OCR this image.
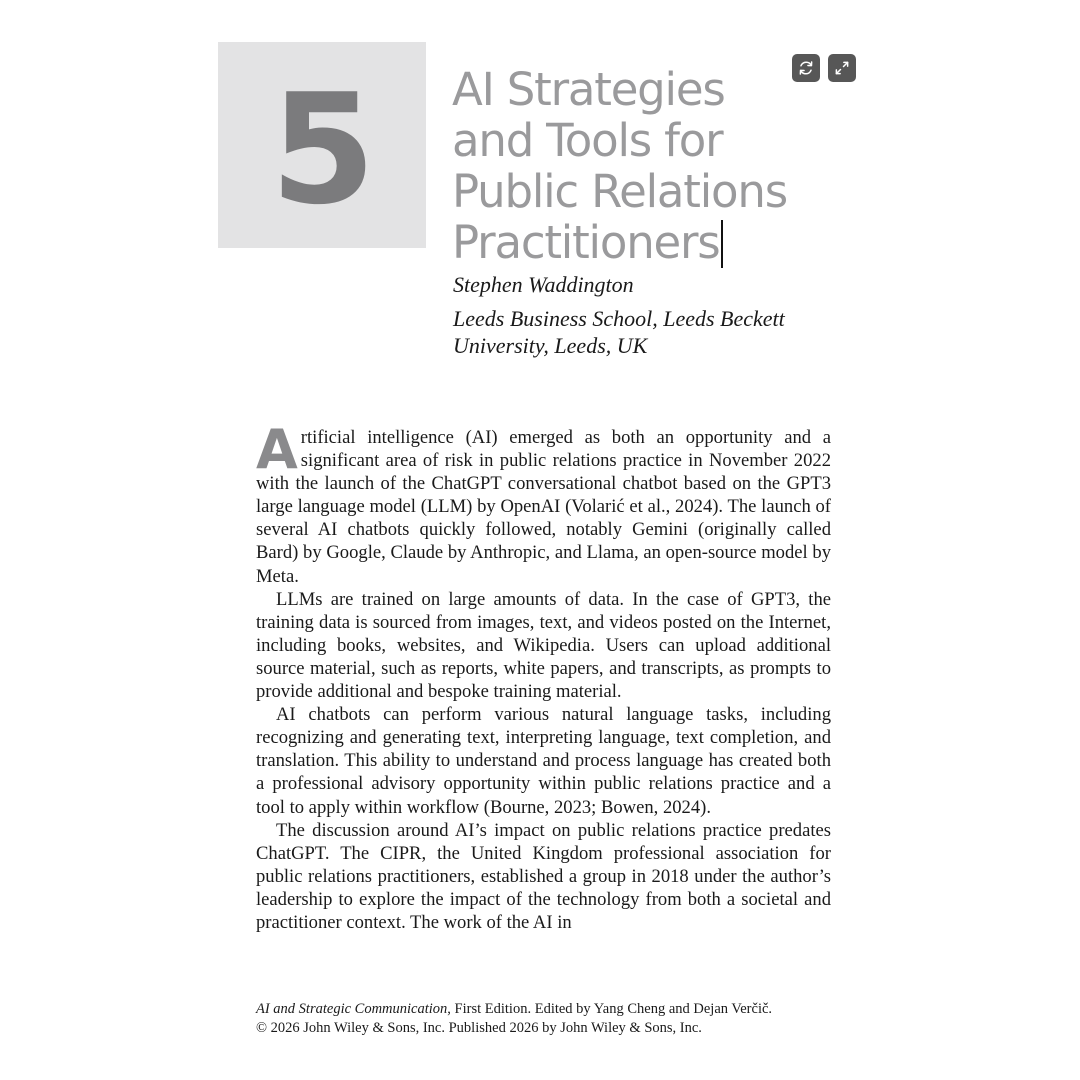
5	AI Strategies
and Tools for
Public Relations
Practitioners
Stephen Waddington
Leeds Business School, Leeds Beckett
University, Leeds, UK

Artificial intelligence (AI) emerged as both an opportunity and a significant area of risk in public relations practice in November 2022 with the launch of the ChatGPT conversational chatbot based on the GPT3 large language model (LLM) by OpenAI (Volarić et al., 2024). The launch of several AI chatbots quickly followed, notably Gemini (originally called Bard) by Google, Claude by Anthropic, and Llama, an open-source model by Meta.

LLMs are trained on large amounts of data. In the case of GPT3, the training data is sourced from images, text, and videos posted on the Internet, including books, websites, and Wikipedia. Users can upload additional source material, such as reports, white papers, and transcripts, as prompts to provide additional and bespoke training material.

AI chatbots can perform various natural language tasks, including recognizing and generating text, interpreting language, text completion, and translation. This ability to understand and process language has created both a professional advisory opportunity within public relations practice and a tool to apply within workflow (Bourne, 2023; Bowen, 2024).

The discussion around AI’s impact on public relations practice predates ChatGPT. The CIPR, the United Kingdom professional association for public relations practitioners, established a group in 2018 under the author’s leadership to explore the impact of the technology from both a societal and practitioner context. The work of the AI in

AI and Strategic Communication, First Edition. Edited by Yang Cheng and Dejan Verčič.
© 2026 John Wiley & Sons, Inc. Published 2026 by John Wiley & Sons, Inc.
